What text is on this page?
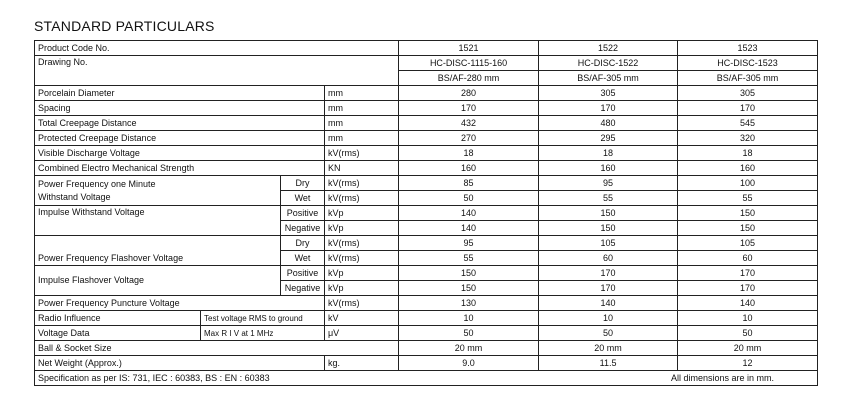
STANDARD PARTICULARS
Product Code No.				1521	1522	1523
Drawing No.				HC-DISC-1115-160	HC-DISC-1522	HC-DISC-1523
				BS/AF-280 mm	BS/AF-305 mm	BS/AF-305 mm
Porcelain Diameter			mm	280	305	305
Spacing			mm	170	170	170
Total Creepage Distance			mm	432	480	545
Protected Creepage Distance			mm	270	295	320
Visible Discharge Voltage			kV(rms)	18	18	18
Combined Electro Mechanical Strength			KN	160	160	160
Power Frequency one Minute
Withstand Voltage		Dry	kV(rms)	85	95	100
		Wet	kV(rms)	50	55	55
Impulse Withstand Voltage		Positive	kVp	140	150	150
		Negative	kVp	140	150	150
Power Frequency Flashover Voltage		Dry	kV(rms)	95	105	105
		Wet	kV(rms)	55	60	60
Impulse Flashover Voltage		Positive	kVp	150	170	170
		Negative	kVp	150	170	170
Power Frequency Puncture Voltage			kV(rms)	130	140	140
Radio Influence	Test voltage RMS to ground		kV	10	10	10
Voltage Data	Max R I V at 1 MHz		μV	50	50	50
Ball & Socket Size				20 mm	20 mm	20 mm
Net Weight (Approx.)			kg.	9.0	11.5	12

Specification as per IS: 731, IEC : 60383, BS : EN : 60383 All dimensions are in mm.						
